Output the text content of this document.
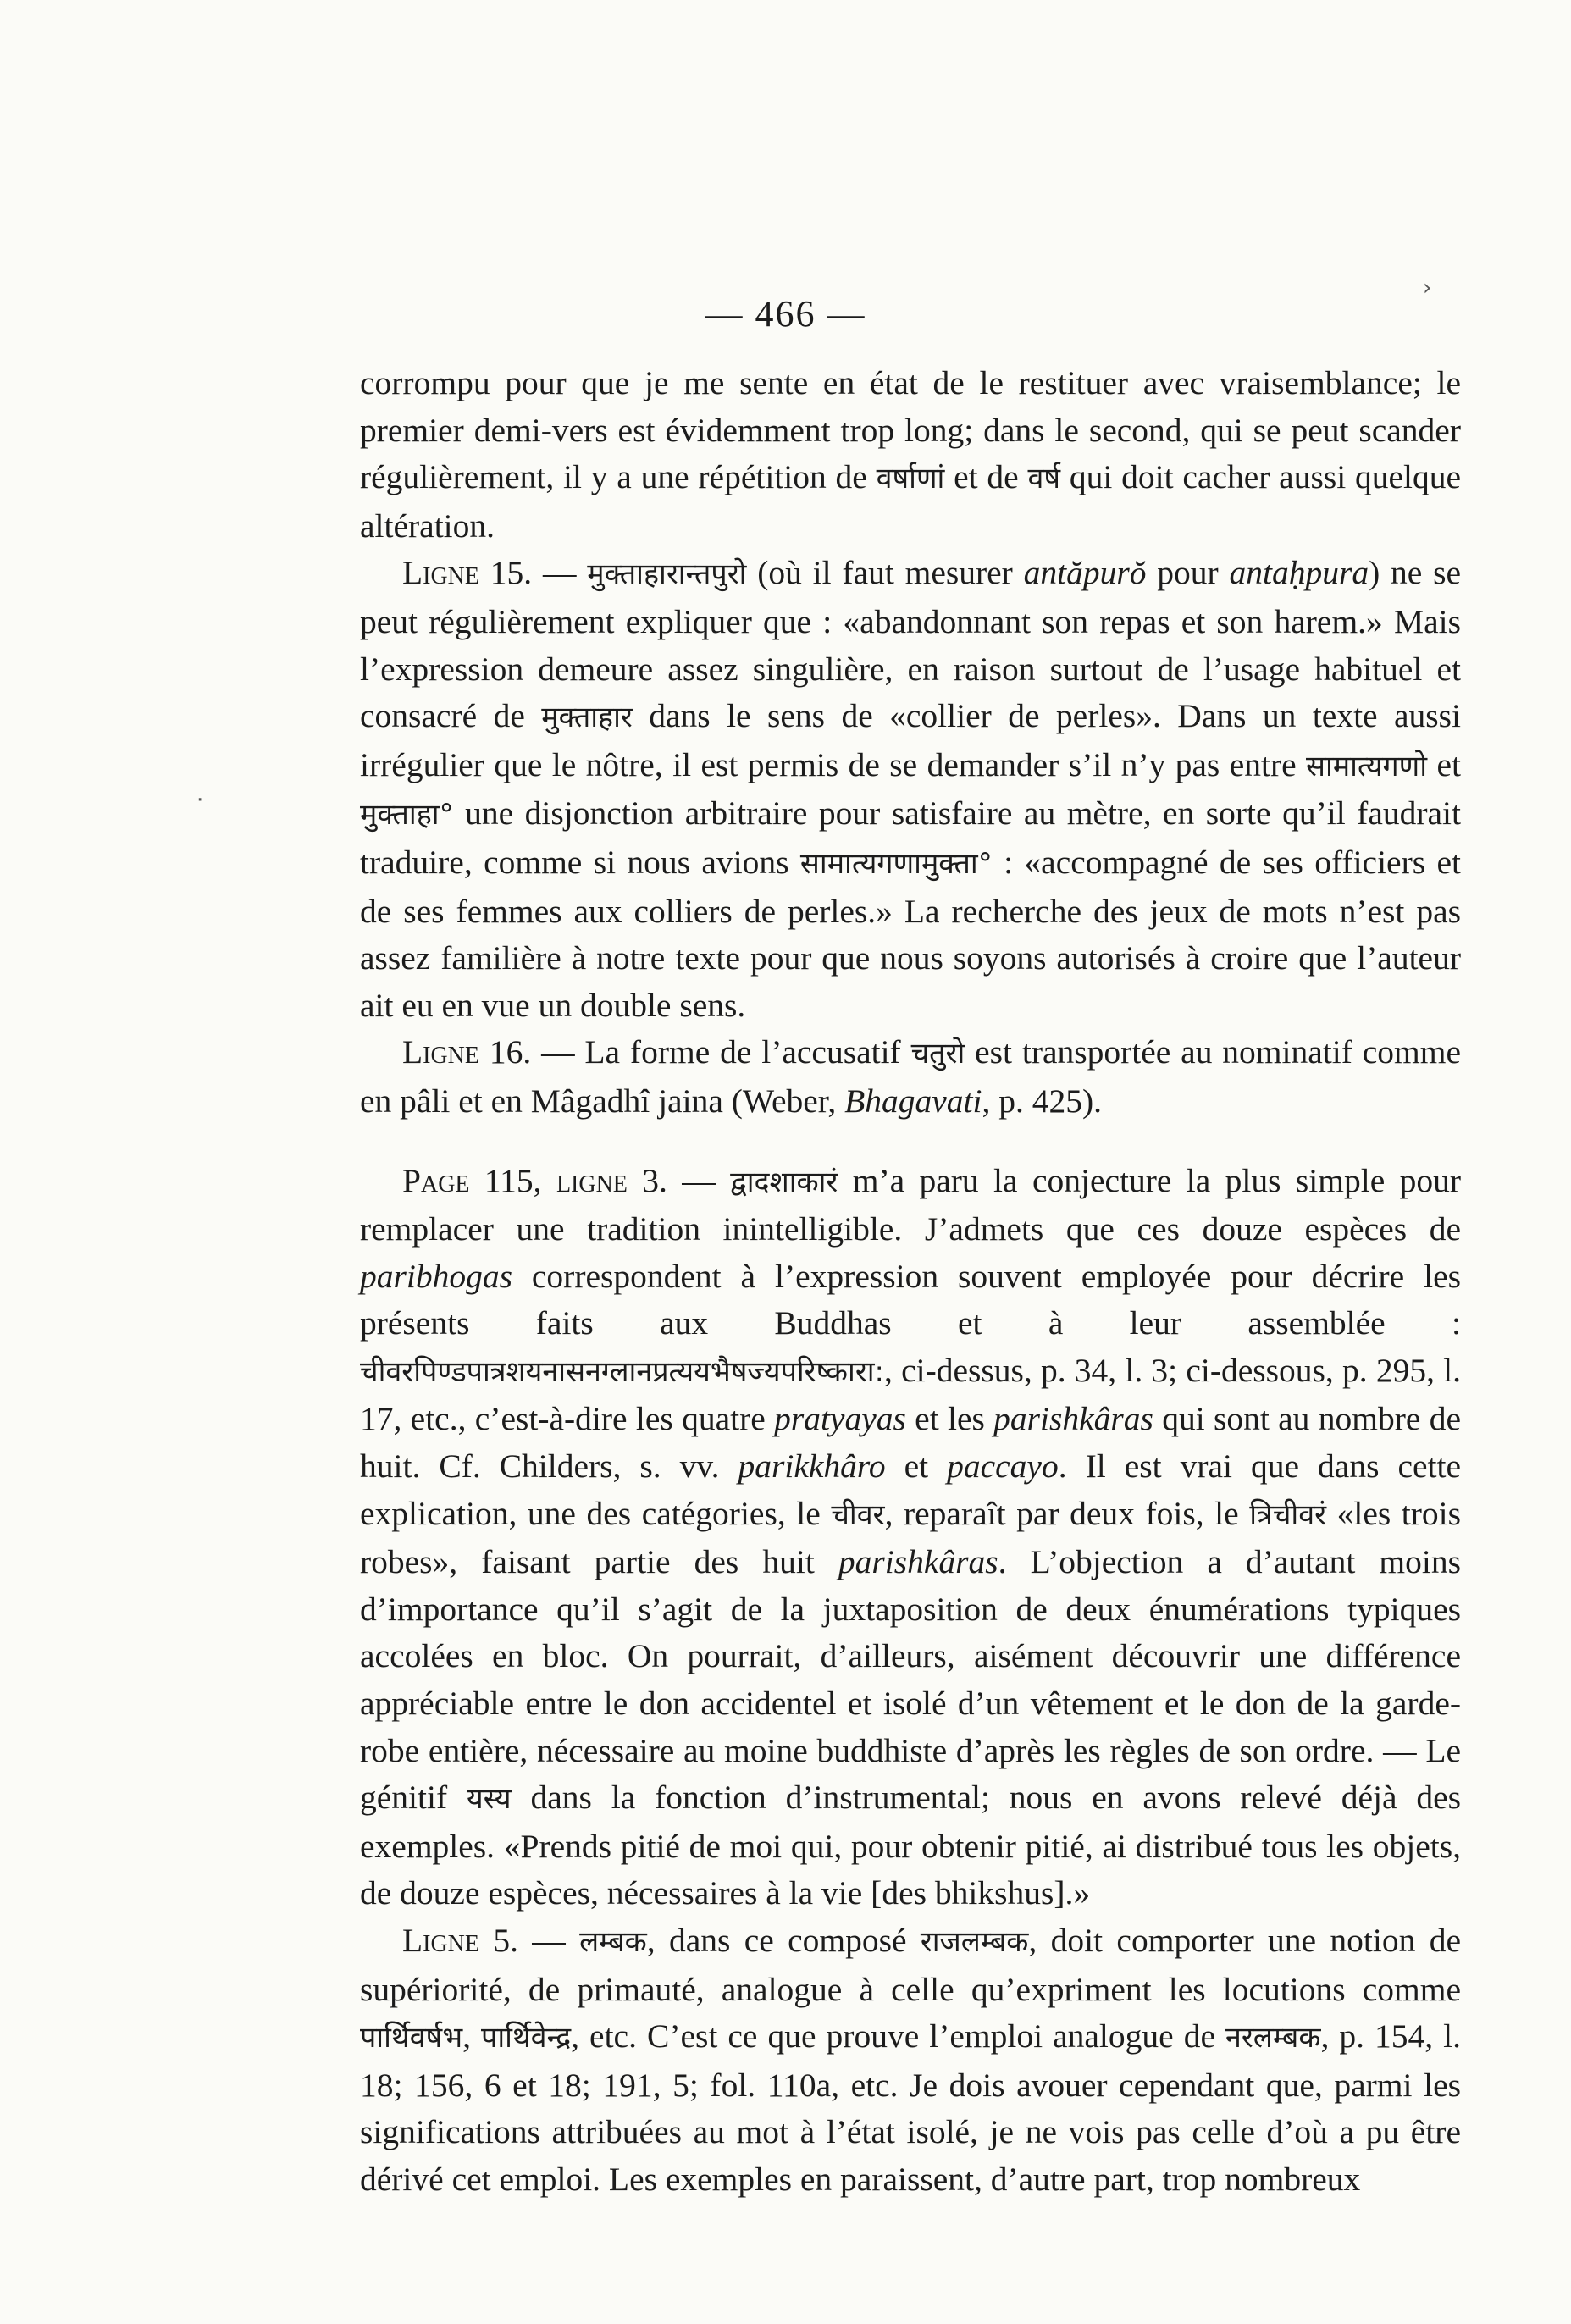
— 466 —

corrompu pour que je me sente en état de le restituer avec vraisemblance; le premier demi-vers est évidemment trop long; dans le second, qui se peut scander régulièrement, il y a une répétition de वर्षाणां et de वर्ष qui doit cacher aussi quelque altération.

Ligne 15. — मुक्ताहारान्तपुरो (où il faut mesurer antăpurŏ pour antaḥpura) ne se peut régulièrement expliquer que : «abandonnant son repas et son harem.» Mais l’expression demeure assez singulière, en raison surtout de l’usage habituel et consacré de मुक्ताहार dans le sens de «collier de perles». Dans un texte aussi irrégulier que le nôtre, il est permis de se demander s’il n’y pas entre सामात्यगणो et मुक्ताहा° une disjonction arbitraire pour satisfaire au mètre, en sorte qu’il faudrait traduire, comme si nous avions सामात्यगणामुक्ता° : «accompagné de ses officiers et de ses femmes aux colliers de perles.» La recherche des jeux de mots n’est pas assez familière à notre texte pour que nous soyons autorisés à croire que l’auteur ait eu en vue un double sens.

Ligne 16. — La forme de l’accusatif चतुरो est transportée au nominatif comme en pâli et en Mâgadhî jaina (Weber, Bhagavati, p. 425).

Page 115, ligne 3. — द्वादशाकारं m’a paru la conjecture la plus simple pour remplacer une tradition inintelligible. J’admets que ces douze espèces de paribhogas correspondent à l’expression souvent employée pour décrire les présents faits aux Buddhas et à leur assemblée : चीवरपिण्डपात्रशयनासनग्लानप्रत्ययभैषज्यपरिष्कारा:, ci-dessus, p. 34, l. 3; ci-dessous, p. 295, l. 17, etc., c’est-à-dire les quatre pratyayas et les parishkâras qui sont au nombre de huit. Cf. Childers, s. vv. parikkhâro et paccayo. Il est vrai que dans cette explication, une des catégories, le चीवर, reparaît par deux fois, le त्रिचीवरं «les trois robes», faisant partie des huit parishkâras. L’objection a d’autant moins d’importance qu’il s’agit de la juxtaposition de deux énumérations typiques accolées en bloc. On pourrait, d’ailleurs, aisément découvrir une différence appréciable entre le don accidentel et isolé d’un vêtement et le don de la garde-robe entière, nécessaire au moine buddhiste d’après les règles de son ordre. — Le génitif यस्य dans la fonction d’instrumental; nous en avons relevé déjà des exemples. «Prends pitié de moi qui, pour obtenir pitié, ai distribué tous les objets, de douze espèces, nécessaires à la vie [des bhikshus].»

Ligne 5. — लम्बक, dans ce composé राजलम्बक, doit comporter une notion de supériorité, de primauté, analogue à celle qu’expriment les locutions comme पार्थिवर्षभ, पार्थिवेन्द्र, etc. C’est ce que prouve l’emploi analogue de नरलम्बक, p. 154, l. 18; 156, 6 et 18; 191, 5; fol. 110a, etc. Je dois avouer cependant que, parmi les significations attribuées au mot à l’état isolé, je ne vois pas celle d’où a pu être dérivé cet emploi. Les exemples en paraissent, d’autre part, trop nombreux

›
·
